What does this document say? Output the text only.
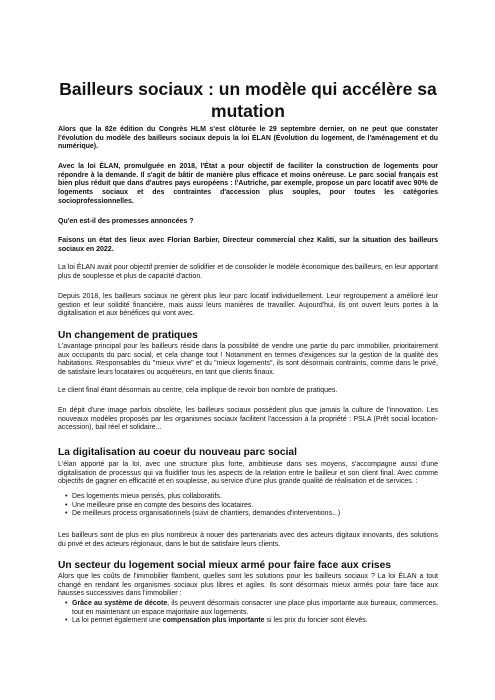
Bailleurs sociaux : un modèle qui accélère sa mutation

Alors que la 82e édition du Congrès HLM s'est clôturée le 29 septembre dernier, on ne peut que constater l'évolution du modèle des bailleurs sociaux depuis la loi ÉLAN (Évolution du logement, de l'aménagement et du numérique).

Avec la loi ÉLAN, promulguée en 2018, l'État a pour objectif de faciliter la construction de logements pour répondre à la demande. Il s'agit de bâtir de manière plus efficace et moins onéreuse. Le parc social français est bien plus réduit que dans d'autres pays européens : l'Autriche, par exemple, propose un parc locatif avec 90% de logements sociaux et des contraintes d'accession plus souples, pour toutes les catégories socioprofessionnelles.

Qu'en est-il des promesses annoncées ?

Faisons un état des lieux avec Florian Barbier, Directeur commercial chez Kaliti, sur la situation des bailleurs sociaux en 2022.

La loi ÉLAN avait pour objectif premier de solidifier et de consolider le modèle économique des bailleurs, en leur apportant plus de souplesse et plus de capacité d'action.

Depuis 2018, les bailleurs sociaux ne gèrent plus leur parc locatif individuellement. Leur regroupement a amélioré leur gestion et leur solidité financière, mais aussi leurs manières de travailler. Aujourd'hui, ils ont ouvert leurs portes à la digitalisation et aux bénéfices qui vont avec.

Un changement de pratiques

L'avantage principal pour les bailleurs réside dans la possibilité de vendre une partie du parc immobilier, prioritairement aux occupants du parc social, et cela change tout ! Notamment en termes d'exigences sur la gestion de la qualité des habitations. Responsables du "mieux vivre" et du "mieux logements", ils sont désormais contraints, comme dans le privé, de satisfaire leurs locataires ou acquéreurs, en tant que clients finaux.

Le client final étant désormais au centre, cela implique de revoir bon nombre de pratiques.

En dépit d'une image parfois obsolète, les bailleurs sociaux possèdent plus que jamais la culture de l'innovation. Les nouveaux modèles proposés par les organismes sociaux facilitent l'accession à la propriété : PSLA (Prêt social location-accession), bail réel et solidaire...

La digitalisation au coeur du nouveau parc social

L'élan apporté par la loi, avec une structure plus forte, ambitieuse dans ses moyens, s'accompagne aussi d'une digitalisation de processus qui va fluidifier tous les aspects de la relation entre le bailleur et son client final. Avec comme objectifs de gagner en efficacité et en souplesse, au service d'une plus grande qualité de réalisation et de services. :

• Des logements mieux pensés, plus collaboratifs.
• Une meilleure prise en compte des besoins des locataires.
• De meilleurs process organisationnels (suivi de chantiers, demandes d'interventions...)

Les bailleurs sont de plus en plus nombreux à nouer des partenariats avec des acteurs digitaux innovants, des solutions du privé et des acteurs régionaux, dans le but de satisfaire leurs clients.

Un secteur du logement social mieux armé pour faire face aux crises

Alors que les coûts de l'immobilier flambent, quelles sont les solutions pour les bailleurs sociaux ? La loi ÉLAN a tout changé en rendant les organismes sociaux plus libres et agiles. Ils sont désormais mieux armés pour faire face aux hausses successives dans l'immobilier :

• Grâce au système de décote, ils peuvent désormais consacrer une place plus importante aux bureaux, commerces, tout en maintenant un espace majoritaire aux logements.
• La loi permet également une compensation plus importante si les prix du foncier sont élevés.
